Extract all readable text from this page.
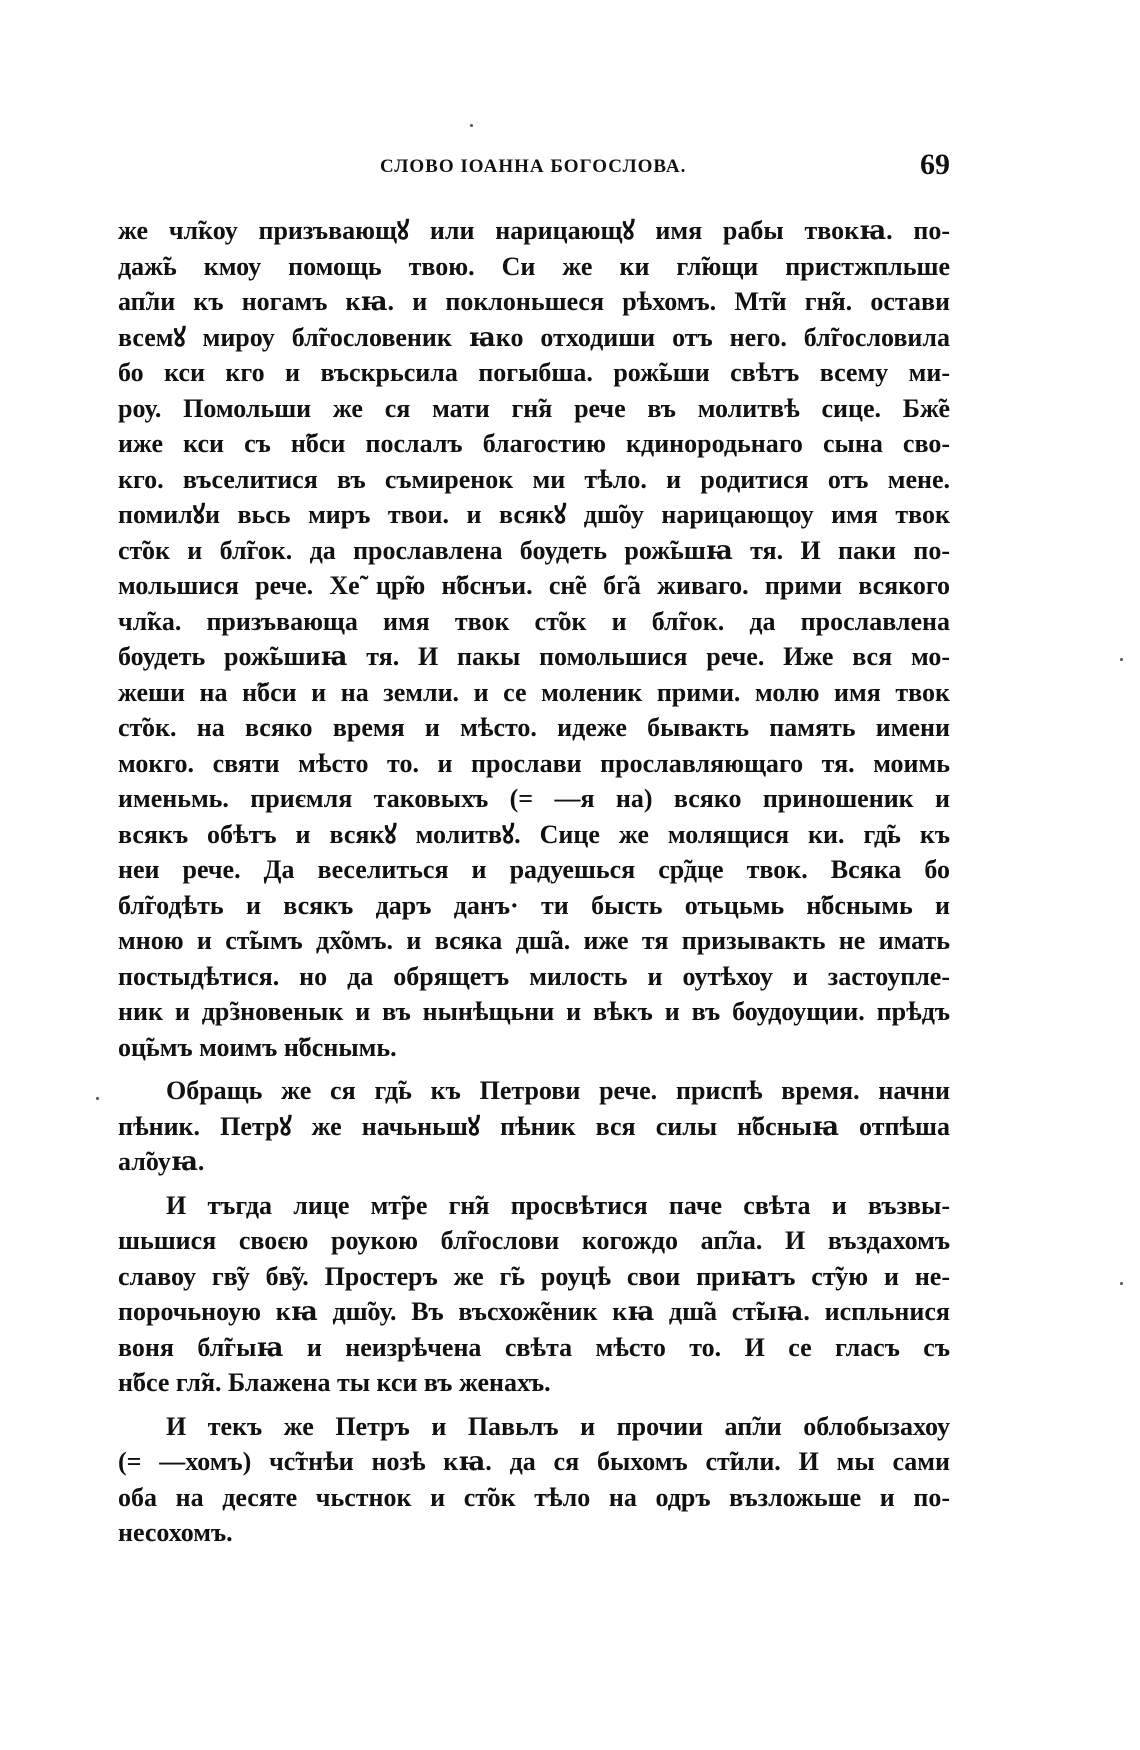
СЛОВО ІОАННА БОГОСЛОВА.	69
же чл̃коу призъвающꙋ или нарицающꙋ имя рабы твокꙗ. по-
даж̃ь кмоу помощь твою. Си же ки гл̃ющи пристжпльше
ап̃ли къ ногамъ кꙗ. и поклоньшеся рѣхомъ. Мт̃и гн̃я. остави
всемꙋ мироу бл̃гословеник ꙗко отходиши отъ него. бл̃гословила
бо кси кго и въскрьсила погыбша. рож̃ьши свѣтъ всему ми-
роу. Помольши же ся мати гн̃я рече въ молитвѣ сице. Бж̃е
иже кси съ н̃бси послалъ благостию кдинородьнаго сына сво-
кго. въселитися въ съмиренок ми тѣло. и родитися отъ мене.
помилꙋи вьсь миръ твои. и всякꙋ дш̃оу нарицающоу имя твок
ст̃ок и бл̃гок. да прославлена боудеть рож̃ьшꙗ тя. И паки по-
мольшися рече. Хе̃ цр̃ю н̃бснъи. сн̃е бг̃а живаго. прими всякого
чл̃ка. призъвающа имя твок ст̃ок и бл̃гок. да прославлена
боудеть рож̃ьшиꙗ тя. И пакы помольшися рече. Иже вся мо-
жеши на н̃бси и на земли. и се моленик прими. молю имя твок
ст̃ок. на всяко время и мѣсто. идеже бывакть память имени
мокго. святи мѣсто то. и прослави прославляющаго тя. моимь
именьмь. приємля таковыхъ (= —я на) всяко приношеник и
всякъ обѣтъ и всякꙋ молитвꙋ. Сице же молящися ки. гд̃ь къ
неи рече. Да веселиться и радуешься ср̃дце твок. Всяка бо
бл̃годѣть и всякъ даръ данъ· ти бысть отьцьмь н̃бснымь и
мною и ст̃ымъ дх̃омъ. и всяка дш̃а. иже тя призывакть не имать
постыдѣтися. но да обрящетъ милость и оутѣхоу и застоупле-
ник и др̃зновенык и въ нынѣщьни и вѣкъ и въ боудоущии. прѣдъ
оц̃ьмъ моимъ н̃бснымь.
Обращь же ся гд̃ь къ Петрови рече. приспѣ время. начни
пѣник. Петрꙋ же начьньшꙋ пѣник вся силы н̃бсныꙗ отпѣша
ал̃оуꙗ.
И тъгда лице мт̃ре гн̃я просвѣтися паче свѣта и възвы-
шьшися своєю роукою бл̃гослови когождо ап̃ла. И въздахомъ
славоу гв̃у бв̃у. Простеръ же г̃ь роуцѣ свои приꙗтъ ст̃ую и не-
порочьноую кꙗ дш̃оу. Въ въсхож̃еник кꙗ дш̃а ст̃ыꙗ. испльнися
воня бл̃гыꙗ и неизрѣчена свѣта мѣсто то. И се гласъ съ
н̃бсе гл̃я. Блажена ты кси въ женахъ.
И текъ же Петръ и Павьлъ и прочии ап̃ли облобызахоу
(= —хомъ) чс̃тнѣи нозѣ кꙗ. да ся быхомъ ст̃или. И мы сами
оба на десяте чьстнок и ст̃ок тѣло на одръ възложьше и по-
несохомъ.
